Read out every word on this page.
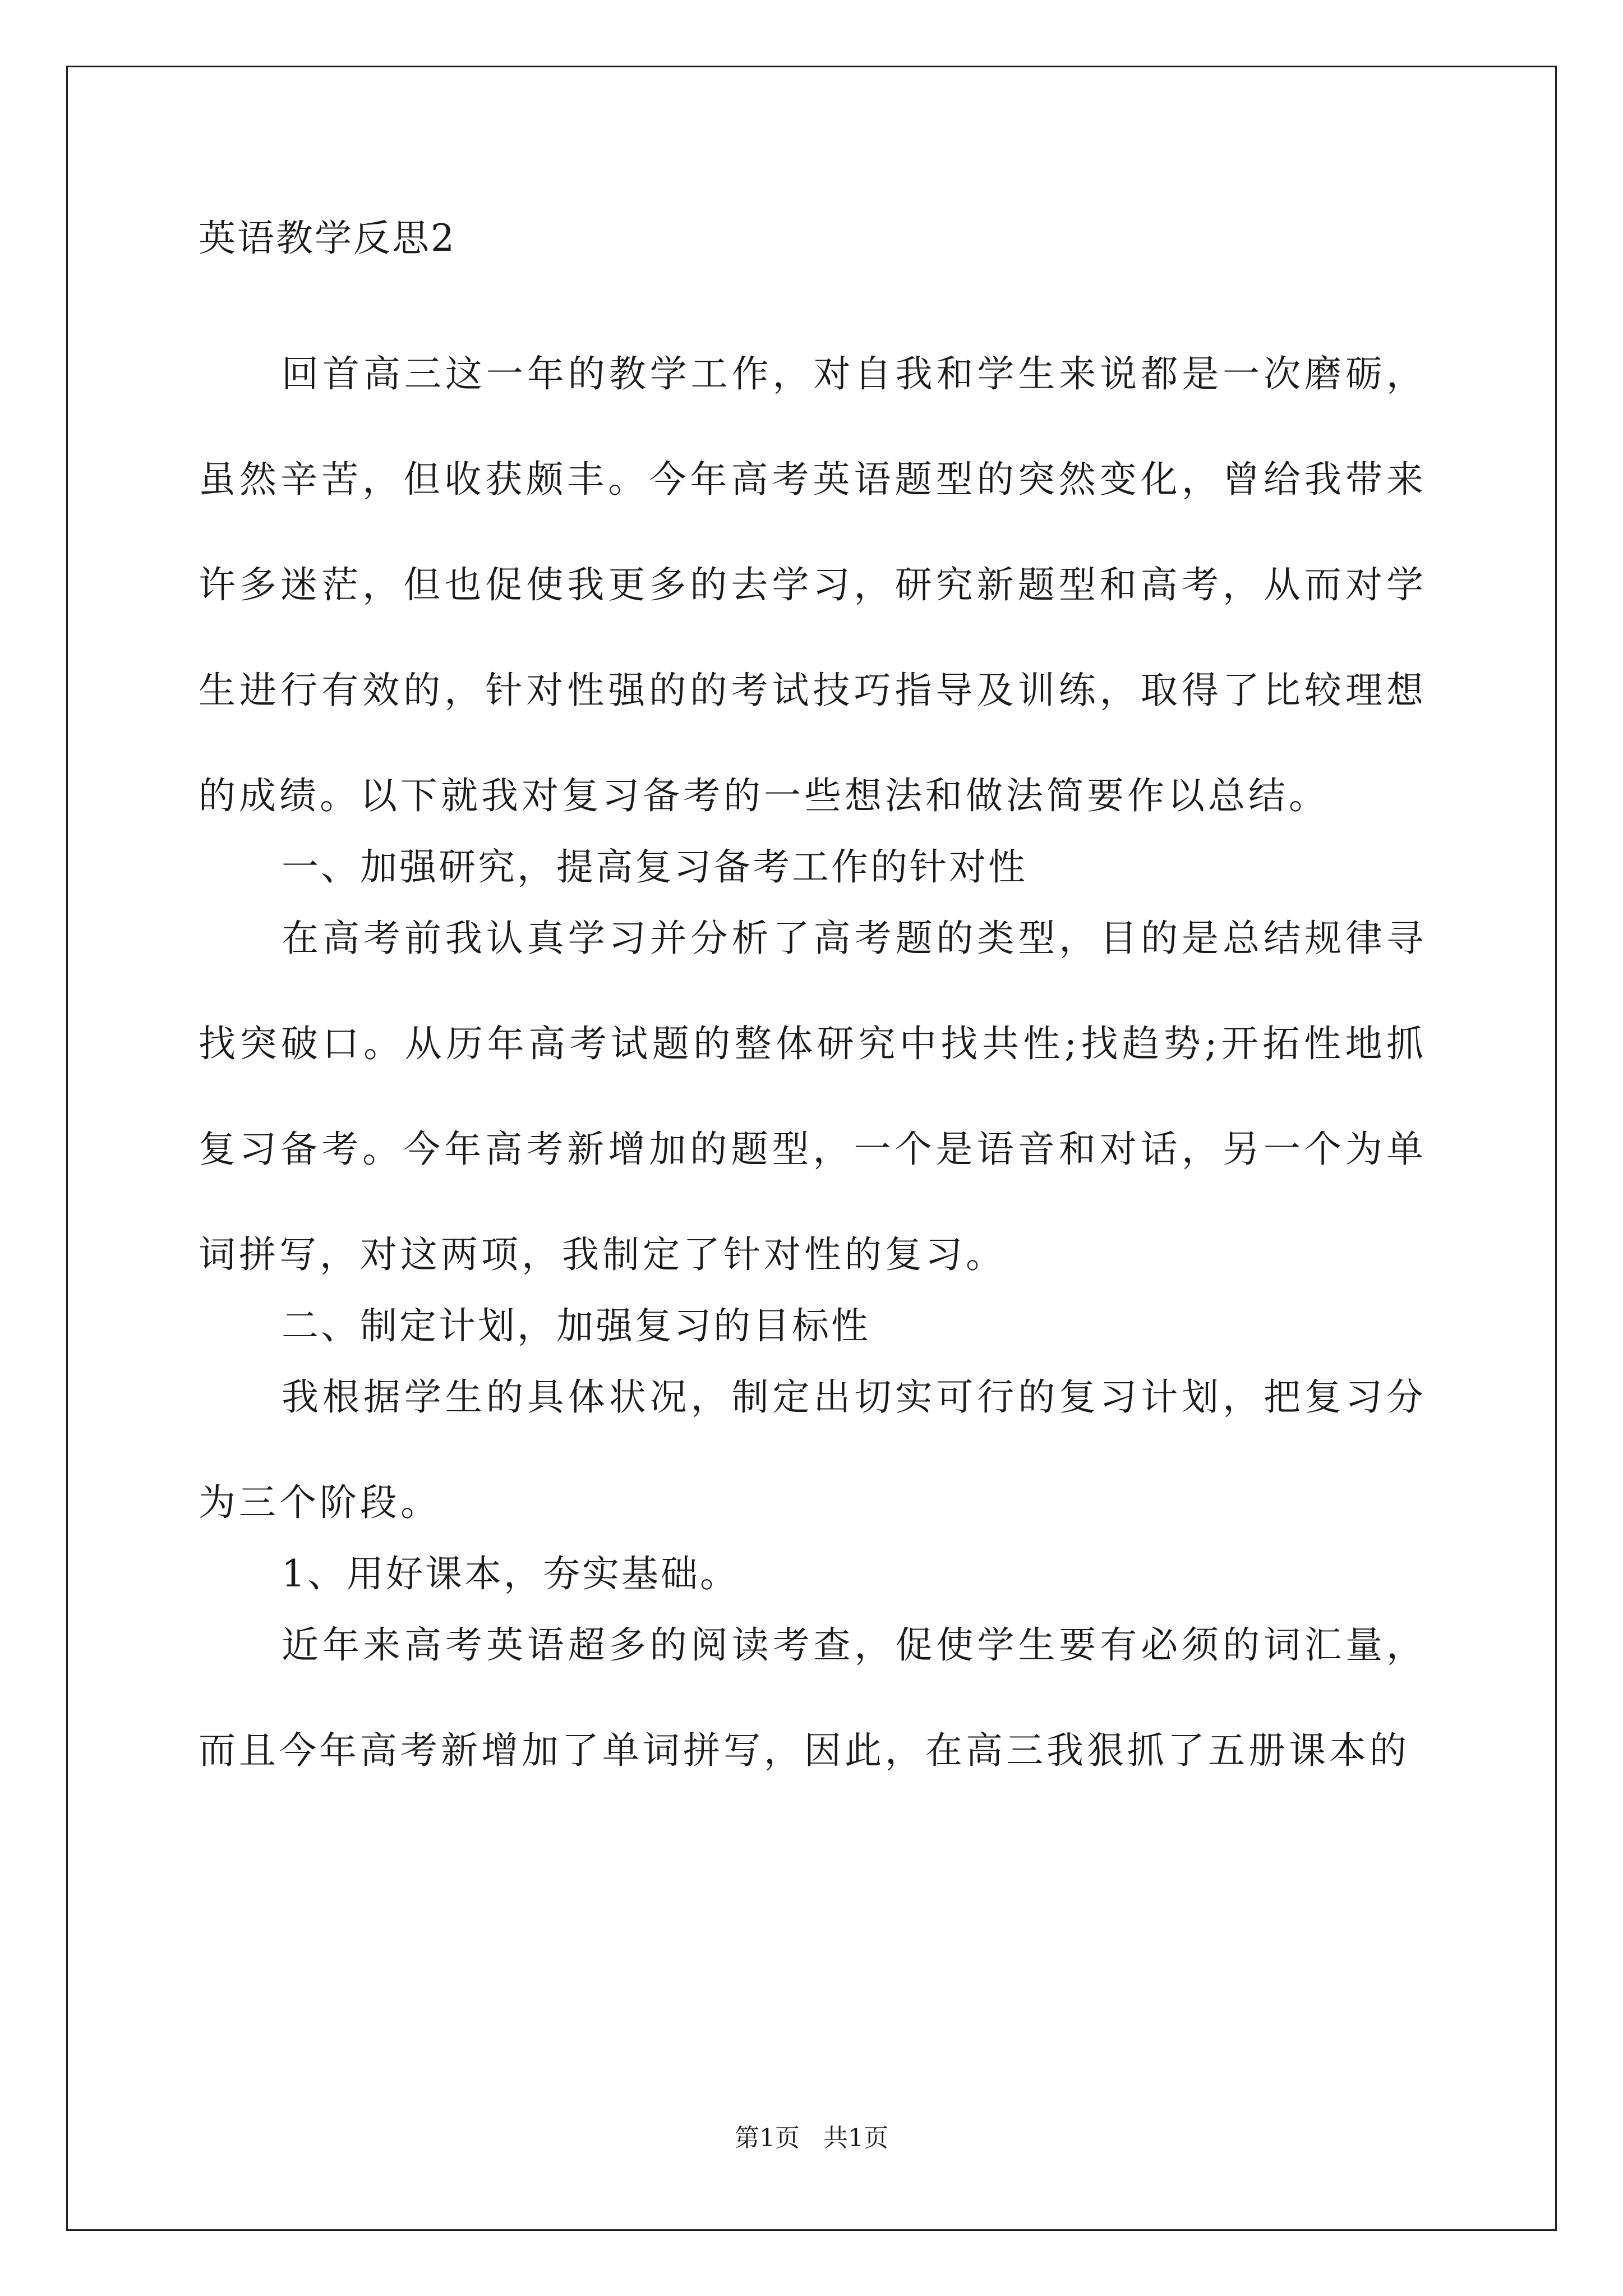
英语教学反思2

回首高三这一年的教学工作，对自我和学生来说都是一次磨砺，虽然辛苦，但收获颇丰。今年高考英语题型的突然变化，曾给我带来许多迷茫，但也促使我更多的去学习，研究新题型和高考，从而对学生进行有效的，针对性强的的考试技巧指导及训练，取得了比较理想的成绩。以下就我对复习备考的一些想法和做法简要作以总结。

一、加强研究，提高复习备考工作的针对性

在高考前我认真学习并分析了高考题的类型，目的是总结规律寻找突破口。从历年高考试题的整体研究中找共性;找趋势;开拓性地抓复习备考。今年高考新增加的题型，一个是语音和对话，另一个为单词拼写，对这两项，我制定了针对性的复习。

二、制定计划，加强复习的目标性

我根据学生的具体状况，制定出切实可行的复习计划，把复习分为三个阶段。

1、用好课本，夯实基础。

近年来高考英语超多的阅读考查，促使学生要有必须的词汇量，而且今年高考新增加了单词拼写，因此，在高三我狠抓了五册课本的

第1页   共1页
